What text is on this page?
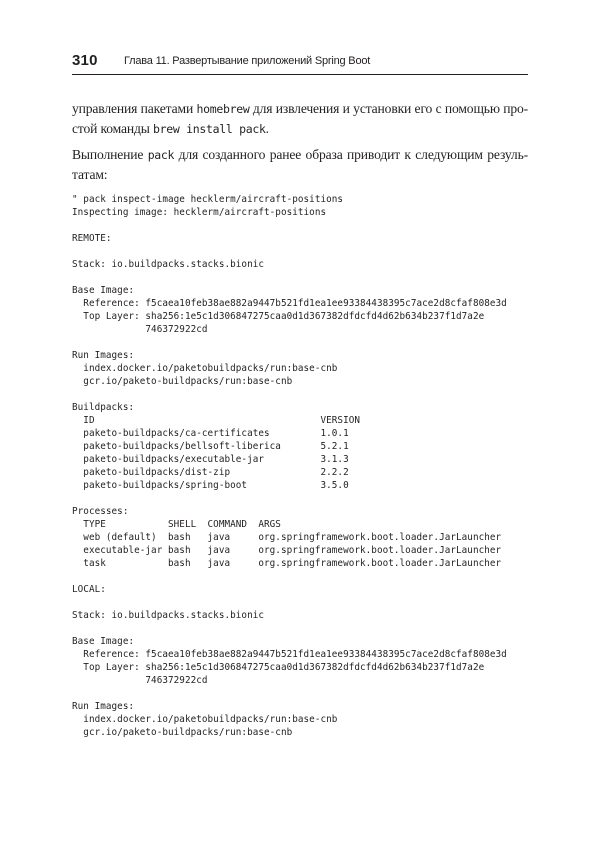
310 Глава 11. Развертывание приложений Spring Boot

управления пакетами homebrew для извлечения и установки его с помощью про-
стой команды brew install pack.

Выполнение pack для созданного ранее образа приводит к следующим резуль-
татам:

" pack inspect-image hecklerm/aircraft-positions
Inspecting image: hecklerm/aircraft-positions
REMOTE:
Stack: io.buildpacks.stacks.bionic
Base Image:
Reference: f5caea10feb38ae882a9447b521fd1ea1ee93384438395c7ace2d8cfaf808e3d
Top Layer: sha256:1e5c1d306847275caa0d1d367382dfdcfd4d62b634b237f1d7a2e
746372922cd
Run Images:
index.docker.io/paketobuildpacks/run:base-cnb
gcr.io/paketo-buildpacks/run:base-cnb
Buildpacks:
ID                                        VERSION
paketo-buildpacks/ca-certificates         1.0.1
paketo-buildpacks/bellsoft-liberica       5.2.1
paketo-buildpacks/executable-jar          3.1.3
paketo-buildpacks/dist-zip                2.2.2
paketo-buildpacks/spring-boot             3.5.0
Processes:
TYPE           SHELL  COMMAND  ARGS
web (default)  bash   java     org.springframework.boot.loader.JarLauncher
executable-jar bash   java     org.springframework.boot.loader.JarLauncher
task           bash   java     org.springframework.boot.loader.JarLauncher
LOCAL:
Stack: io.buildpacks.stacks.bionic
Base Image:
Reference: f5caea10feb38ae882a9447b521fd1ea1ee93384438395c7ace2d8cfaf808e3d
Top Layer: sha256:1e5c1d306847275caa0d1d367382dfdcfd4d62b634b237f1d7a2e
746372922cd
Run Images:
index.docker.io/paketobuildpacks/run:base-cnb
gcr.io/paketo-buildpacks/run:base-cnb
